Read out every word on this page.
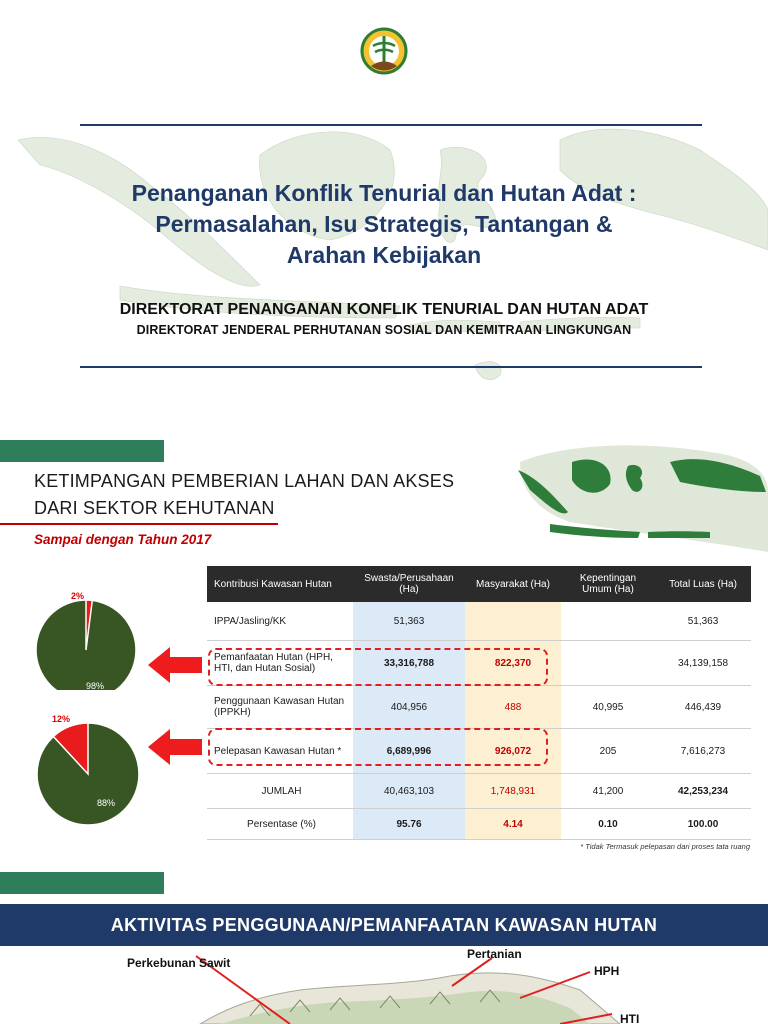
Penanganan Konflik Tenurial dan Hutan Adat :
Permasalahan, Isu Strategis, Tantangan &
Arahan Kebijakan
DIREKTORAT PENANGANAN KONFLIK TENURIAL DAN HUTAN ADAT
DIREKTORAT JENDERAL PERHUTANAN SOSIAL DAN KEMITRAAN LINGKUNGAN
KETIMPANGAN PEMBERIAN LAHAN DAN AKSES
DARI SEKTOR KEHUTANAN
Sampai dengan Tahun 2017
2%
98%
12%
88%
Kontribusi Kawasan Hutan	Swasta/Perusahaan (Ha)	Masyarakat (Ha)	Kepentingan Umum (Ha)	Total Luas (Ha)
IPPA/Jasling/KK	51,363			51,363
Pemanfaatan Hutan (HPH, HTI, dan Hutan Sosial)	33,316,788	822,370		34,139,158
Penggunaan Kawasan Hutan (IPPKH)	404,956	488	40,995	446,439
Pelepasan Kawasan Hutan *	6,689,996	926,072	205	7,616,273
JUMLAH	40,463,103	1,748,931	41,200	42,253,234
Persentase (%)	95.76	4.14	0.10	100.00
* Tidak Termasuk pelepasan dari proses tata ruang
AKTIVITAS PENGGUNAAN/PEMANFAATAN KAWASAN HUTAN
Perkebunan Sawit
Pertanian
HPH
HTI
